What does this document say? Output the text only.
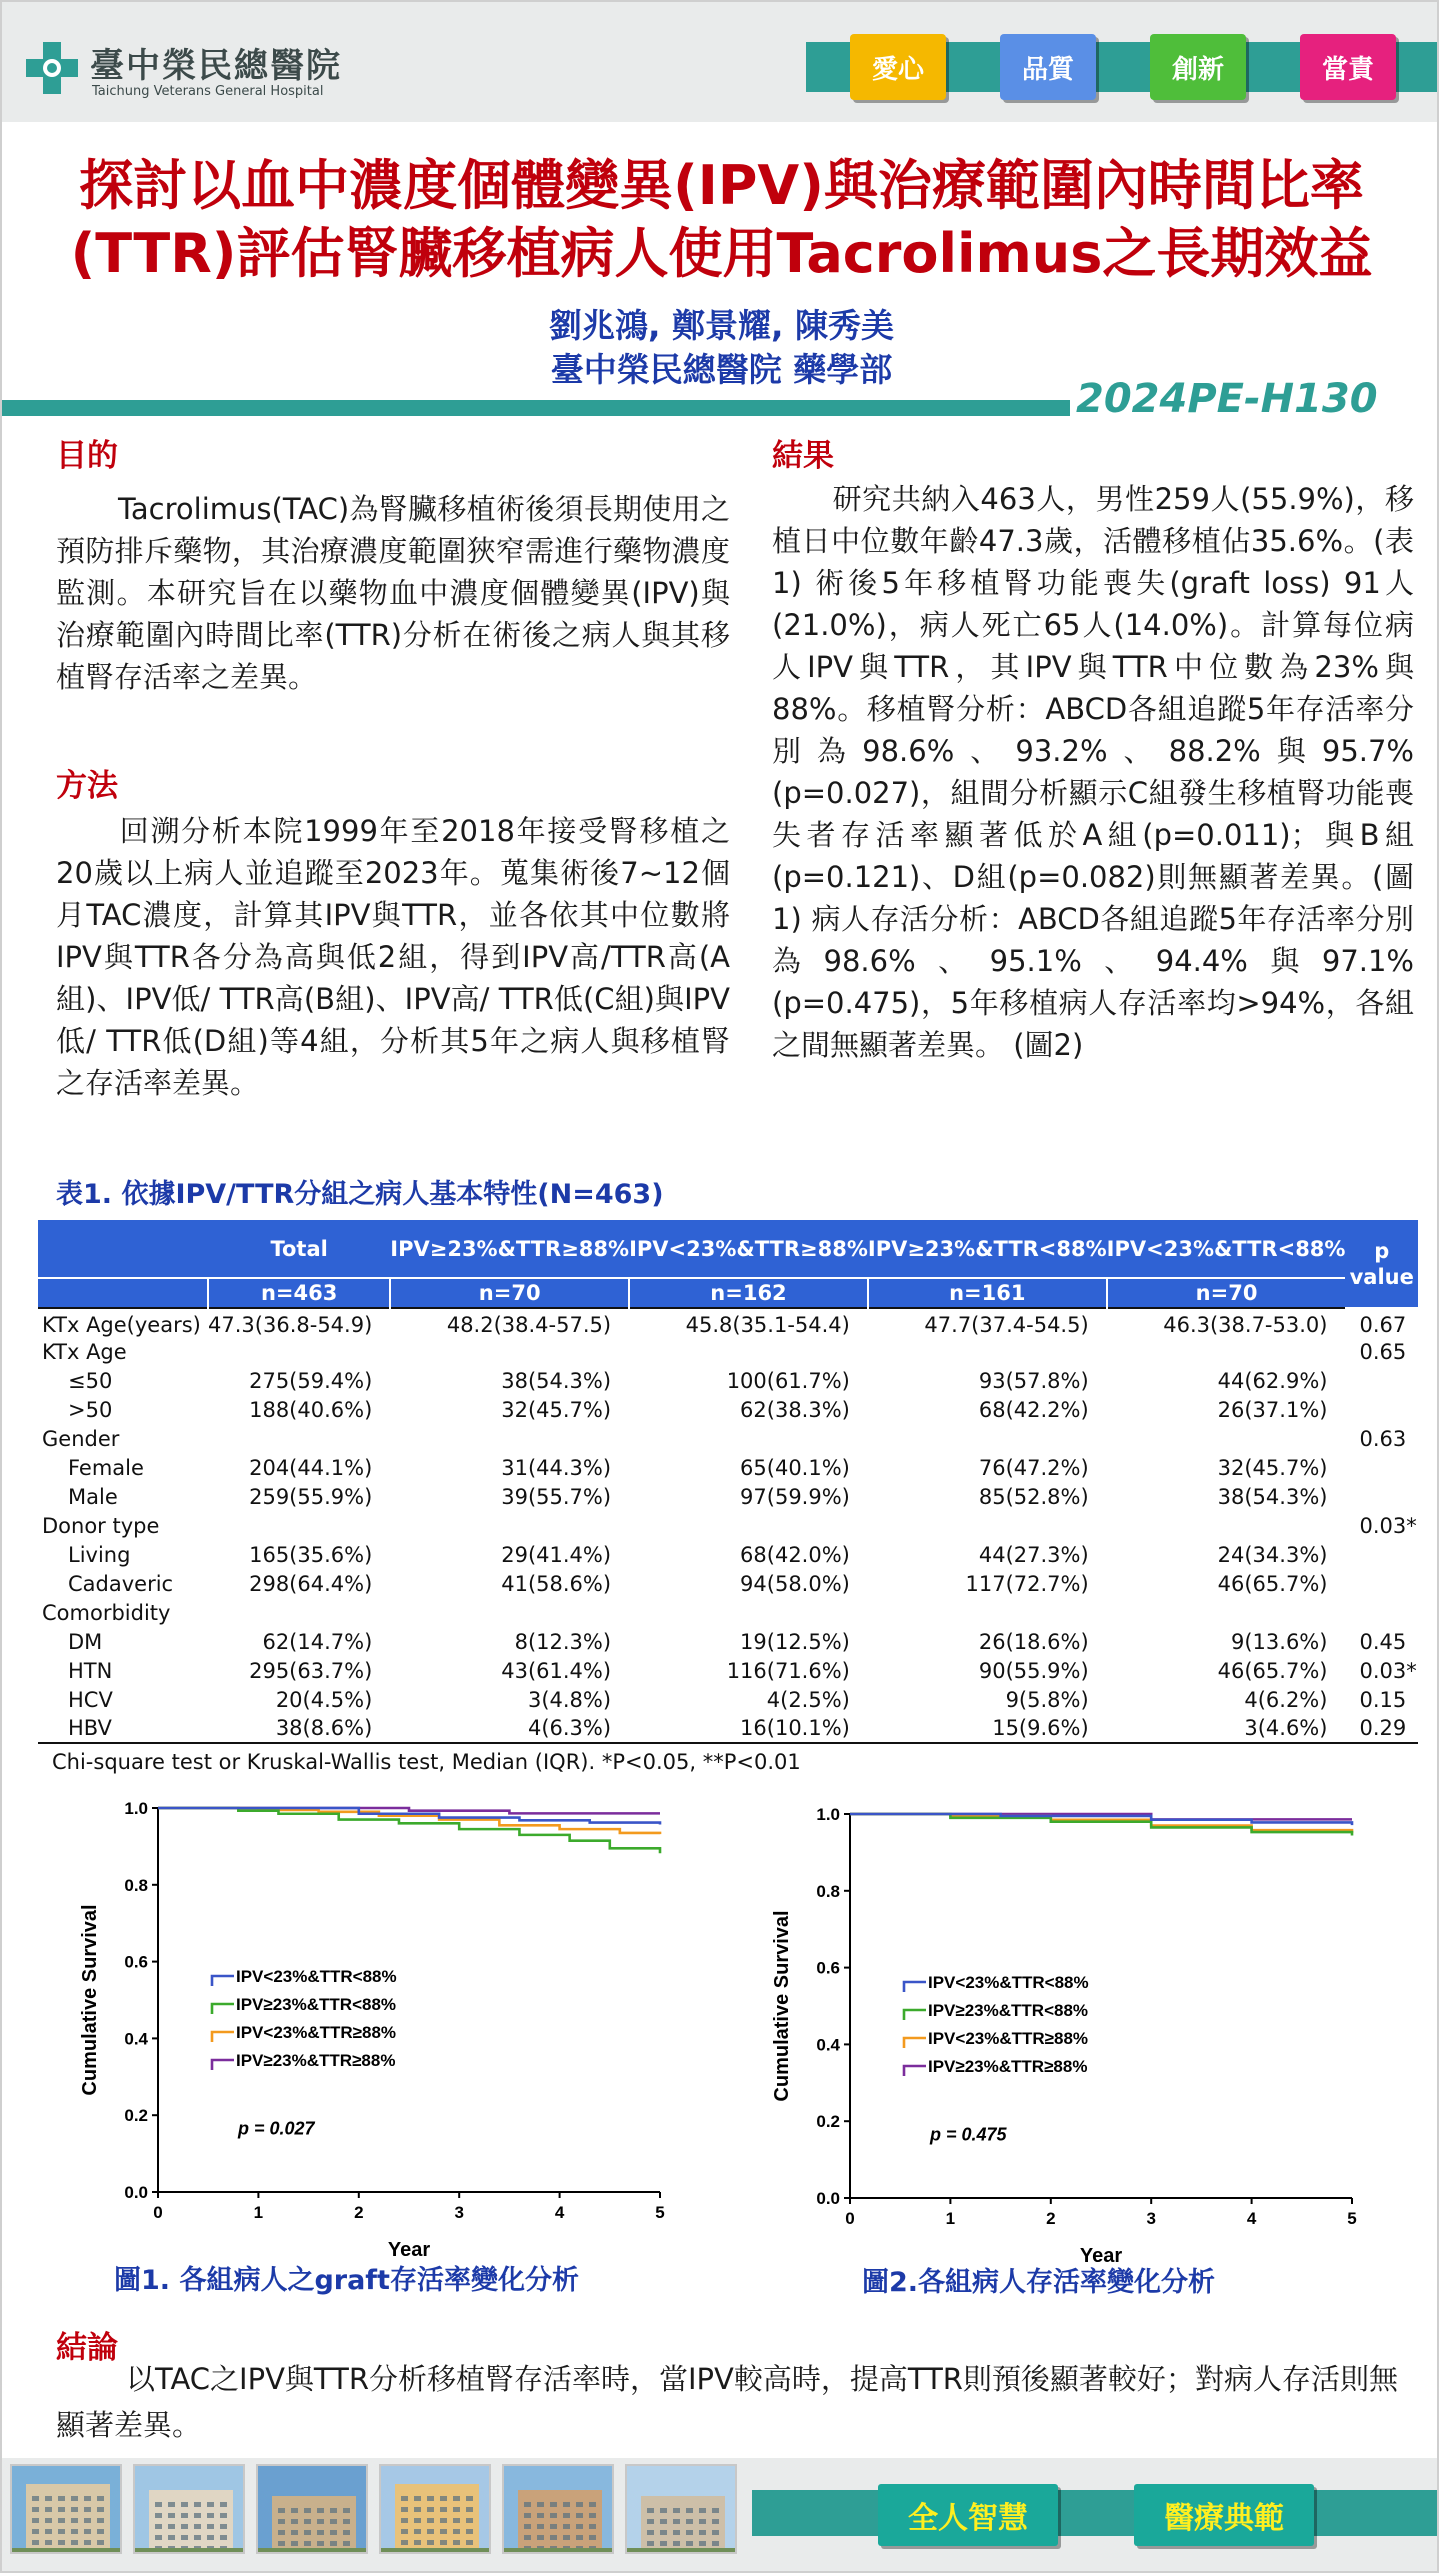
臺中榮民總醫院
Taichung Veterans General Hospital
愛心	品質	創新	當責
探討以血中濃度個體變異(IPV)與治療範圍內時間比率
(TTR)評估腎臟移植病人使用Tacrolimus之長期效益
劉兆鴻, 鄭景耀, 陳秀美
臺中榮民總醫院 藥學部
2024PE-H130
目的
Tacrolimus(TAC)為腎臟移植術後須長期使用之預防排斥藥物，其治療濃度範圍狹窄需進行藥物濃度監測。本研究旨在以藥物血中濃度個體變異(IPV)與治療範圍內時間比率(TTR)分析在術後之病人與其移植腎存活率之差異。
方法
回溯分析本院1999年至2018年接受腎移植之20歲以上病人並追蹤至2023年。蒐集術後7~12個月TAC濃度，計算其IPV與TTR，並各依其中位數將IPV與TTR各分為高與低2組，得到IPV高/TTR高(A組)、IPV低/ TTR高(B組)、IPV高/ TTR低(C組)與IPV低/ TTR低(D組)等4組，分析其5年之病人與移植腎之存活率差異。
結果
研究共納入463人，男性259人(55.9%)，移植日中位數年齡47.3歲，活體移植佔35.6%。(表1) 術後5年移植腎功能喪失(graft loss) 91人(21.0%)，病人死亡65人(14.0%)。計算每位病人IPV與TTR，其IPV與TTR中位數為23%與88%。移植腎分析：ABCD各組追蹤5年存活率分別為98.6%、93.2%、88.2%與95.7%(p=0.027)，組間分析顯示C組發生移植腎功能喪失者存活率顯著低於A組(p=0.011)；與B組(p=0.121)、D組(p=0.082)則無顯著差異。(圖1) 病人存活分析：ABCD各組追蹤5年存活率分別為98.6%、95.1%、94.4%與97.1%(p=0.475)，5年移植病人存活率均>94%，各組之間無顯著差異。 (圖2)
表1. 依據IPV/TTR分組之病人基本特性(N=463)
	Total	IPV≥23%&TTR≥88%	IPV<23%&TTR≥88%	IPV≥23%&TTR<88%	IPV<23%&TTR<88%	p value
	n=463	n=70	n=162	n=161	n=70	
KTx Age(years)	47.3(36.8-54.9)	48.2(38.4-57.5)	45.8(35.1-54.4)	47.7(37.4-54.5)	46.3(38.7-53.0)	0.67
KTx Age						0.65
≤50	275(59.4%)	38(54.3%)	100(61.7%)	93(57.8%)	44(62.9%)	
>50	188(40.6%)	32(45.7%)	62(38.3%)	68(42.2%)	26(37.1%)	
Gender						0.63
Female	204(44.1%)	31(44.3%)	65(40.1%)	76(47.2%)	32(45.7%)	
Male	259(55.9%)	39(55.7%)	97(59.9%)	85(52.8%)	38(54.3%)	
Donor type						0.03*
Living	165(35.6%)	29(41.4%)	68(42.0%)	44(27.3%)	24(34.3%)	
Cadaveric	298(64.4%)	41(58.6%)	94(58.0%)	117(72.7%)	46(65.7%)	
Comorbidity						
DM	62(14.7%)	8(12.3%)	19(12.5%)	26(18.6%)	9(13.6%)	0.45
HTN	295(63.7%)	43(61.4%)	116(71.6%)	90(55.9%)	46(65.7%)	0.03*
HCV	20(4.5%)	3(4.8%)	4(2.5%)	9(5.8%)	4(6.2%)	0.15
HBV	38(8.6%)	4(6.3%)	16(10.1%)	15(9.6%)	3(4.6%)	0.29
Chi-square test or Kruskal-Wallis test, Median (IQR). *P<0.05, **P<0.01
0.0
0.2
0.4
0.6
0.8
1.0
0	1	2	3	4	5
Year
Cumulative Survival	IPV<23%&TTR<88%
IPV≥23%&TTR<88%
IPV<23%&TTR≥88%
IPV≥23%&TTR≥88%
p = 0.027
圖1. 各組病人之graft存活率變化分析
0.0
0.2
0.4
0.6
0.8
1.0
0	1	2	3	4	5
Year
Cumulative Survival	IPV<23%&TTR<88%
IPV≥23%&TTR<88%
IPV<23%&TTR≥88%
IPV≥23%&TTR≥88%
p = 0.475
圖2.各組病人存活率變化分析
結論
以TAC之IPV與TTR分析移植腎存活率時，當IPV較高時，提高TTR則預後顯著較好；對病人存活則無顯著差異。
全人智慧	醫療典範
